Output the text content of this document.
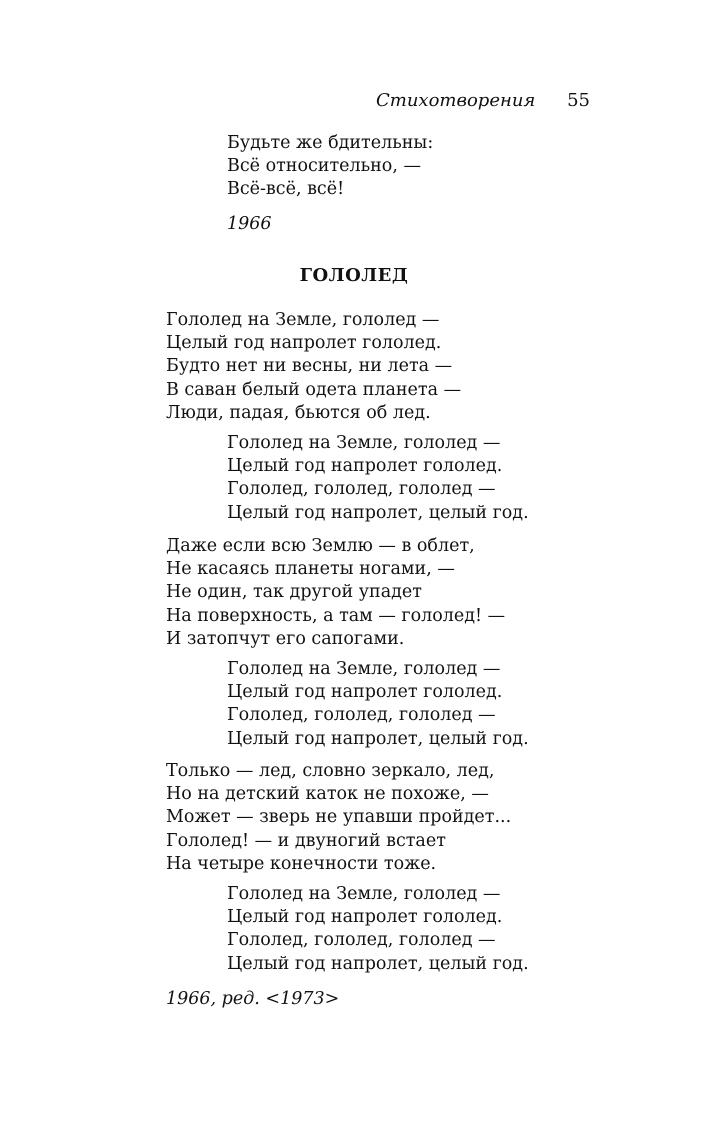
Стихотворения 55
Будьте же бдительны:
Всё относительно, —
Всё-всё, всё!
1966
ГОЛОЛЕД
Гололед на Земле, гололед —
Целый год напролет гололед.
Будто нет ни весны, ни лета —
В саван белый одета планета —
Люди, падая, бьются об лед.
Гололед на Земле, гололед —
Целый год напролет гололед.
Гололед, гололед, гололед —
Целый год напролет, целый год.
Даже если всю Землю — в облет,
Не касаясь планеты ногами, —
Не один, так другой упадет
На поверхность, а там — гололед! —
И затопчут его сапогами.
Гололед на Земле, гололед —
Целый год напролет гололед.
Гололед, гололед, гололед —
Целый год напролет, целый год.
Только — лед, словно зеркало, лед,
Но на детский каток не похоже, —
Может — зверь не упавши пройдет...
Гололед! — и двуногий встает
На четыре конечности тоже.
Гололед на Земле, гололед —
Целый год напролет гололед.
Гололед, гололед, гололед —
Целый год напролет, целый год.
1966, ред. <1973>
